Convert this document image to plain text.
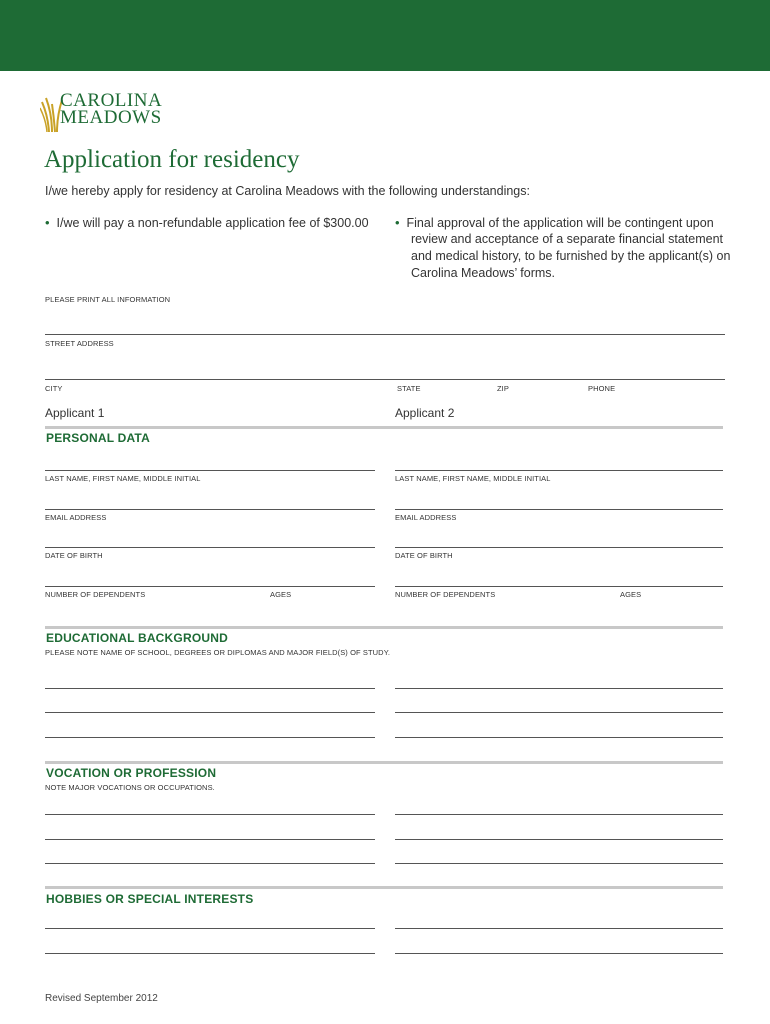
CAROLINA
MEADOWS
Application for residency
I/we hereby apply for residency at Carolina Meadows with the following understandings:
• I/we will pay a non-refundable application fee of $300.00 • Final approval of the application will be contingent upon
review and acceptance of a separate financial statement
and medical history, to be furnished by the applicant(s) on
Carolina Meadows’ forms.
PLEASE PRINT ALL INFORMATION
STREET ADDRESS
CITY	STATE	ZIP	PHONE
Applicant 1	Applicant 2
PERSONAL DATA
LAST NAME, FIRST NAME, MIDDLE INITIAL	LAST NAME, FIRST NAME, MIDDLE INITIAL
EMAIL ADDRESS	EMAIL ADDRESS
DATE OF BIRTH	DATE OF BIRTH
NUMBER OF DEPENDENTS	AGES	NUMBER OF DEPENDENTS	AGES
EDUCATIONAL BACKGROUND
PLEASE NOTE NAME OF SCHOOL, DEGREES OR DIPLOMAS AND MAJOR FIELD(S) OF STUDY.
VOCATION OR PROFESSION
NOTE MAJOR VOCATIONS OR OCCUPATIONS.
HOBBIES OR SPECIAL INTERESTS
Revised September 2012
